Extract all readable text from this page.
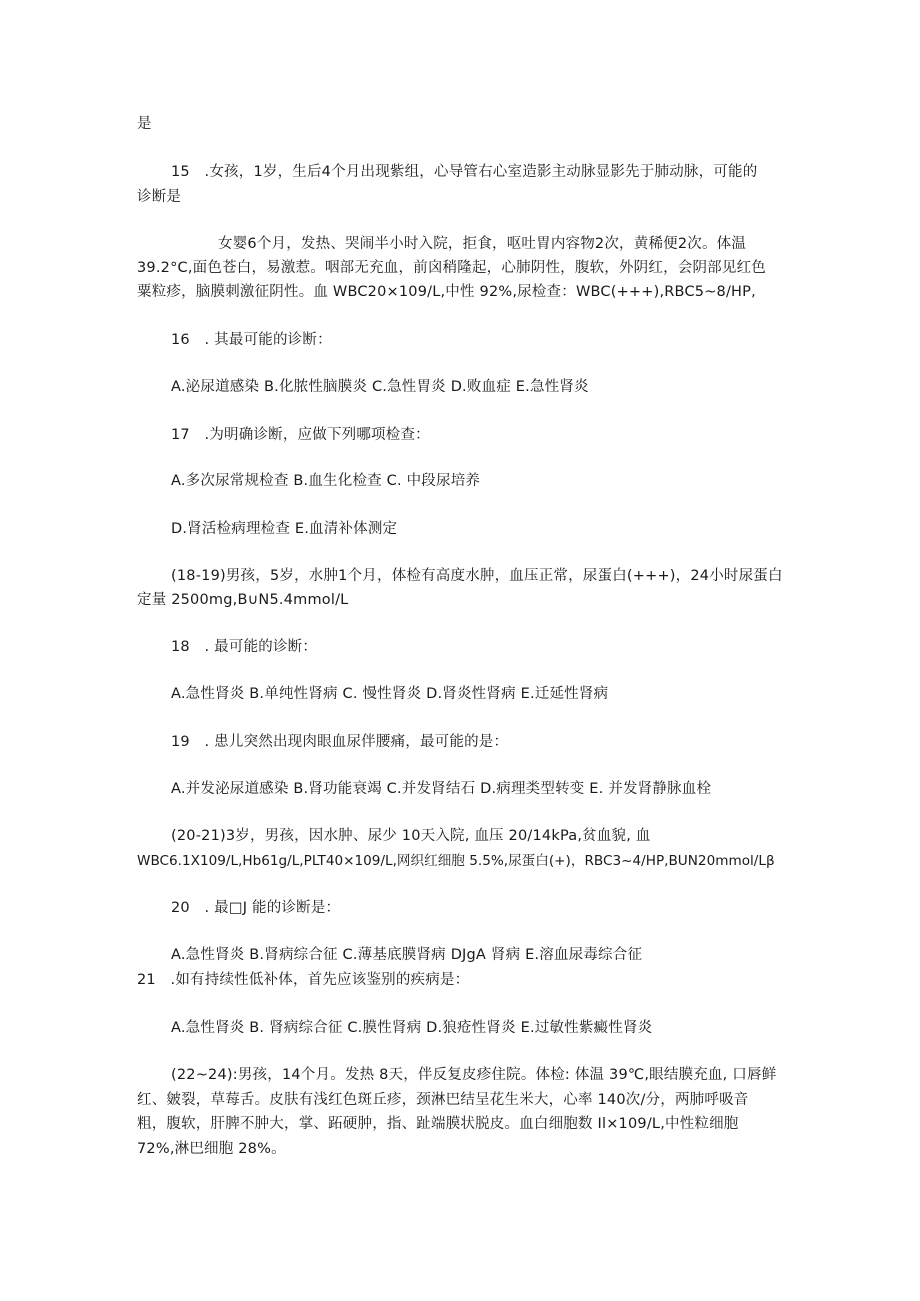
是
15　.女孩，1岁，生后4个月出现紫组，心导管右心室造影主动脉显影先于肺动脉，可能的
诊断是
女婴6个月，发热、哭闹半小时入院，拒食，呕吐胃内容物2次，黄稀便2次。体温
39.2°C,面色苍白，易激惹。咽部无充血，前囟稍隆起，心肺阴性，腹软，外阴红，会阴部见红色
粟粒疹，脑膜刺激征阴性。血 WBC20×109/L,中性 92%,尿检查：WBC(+++),RBC5~8/HP,
16　. 其最可能的诊断：
A.泌尿道感染 B.化脓性脑膜炎 C.急性胃炎 D.败血症 E.急性肾炎
17　.为明确诊断，应做下列哪项检查：
A.多次尿常规检查 B.血生化检查 C. 中段尿培养
D.肾活检病理检查 E.血清补体测定
(18-19)男孩，5岁，水肿1个月，体检有高度水肿，血压正常，尿蛋白(+++)，24小时尿蛋白
定量 2500mg,B∪N5.4mmol/L
18　. 最可能的诊断：
A.急性肾炎 B.单纯性肾病 C. 慢性肾炎 D.肾炎性肾病 E.迁延性肾病
19　. 患儿突然出现肉眼血尿伴腰痛，最可能的是：
A.并发泌尿道感染 B.肾功能衰竭 C.并发肾结石 D.病理类型转变 E. 并发肾静脉血栓
(20-21)3岁，男孩，因水肿、尿少 10天入院, 血压 20/14kPa,贫血貌, 血
WBC6.1X109/L,Hb61g/L,PLT40×109/L,网织红细胞 5.5%,尿蛋白(+)，RBC3~4/HP,BUN20mmol/Lβ
20　. 最□J 能的诊断是：
A.急性肾炎 B.肾病综合征 C.薄基底膜肾病 DJgA 肾病 E.溶血尿毒综合征
21　.如有持续性低补体，首先应该鉴别的疾病是：
A.急性肾炎 B. 肾病综合征 C.膜性肾病 D.狼疮性肾炎 E.过敏性紫癜性肾炎
(22~24):男孩，14个月。发热 8天，伴反复皮疹住院。体检: 体温 39℃,眼结膜充血, 口唇鲜
红、皴裂，草莓舌。皮肤有浅红色斑丘疹，颈淋巴结呈花生米大，心率 140次/分，两肺呼吸音
粗，腹软，肝脾不肿大，掌、跖硬肿，指、趾端膜状脱皮。血白细胞数 Il×109/L,中性粒细胞
72%,淋巴细胞 28%。
